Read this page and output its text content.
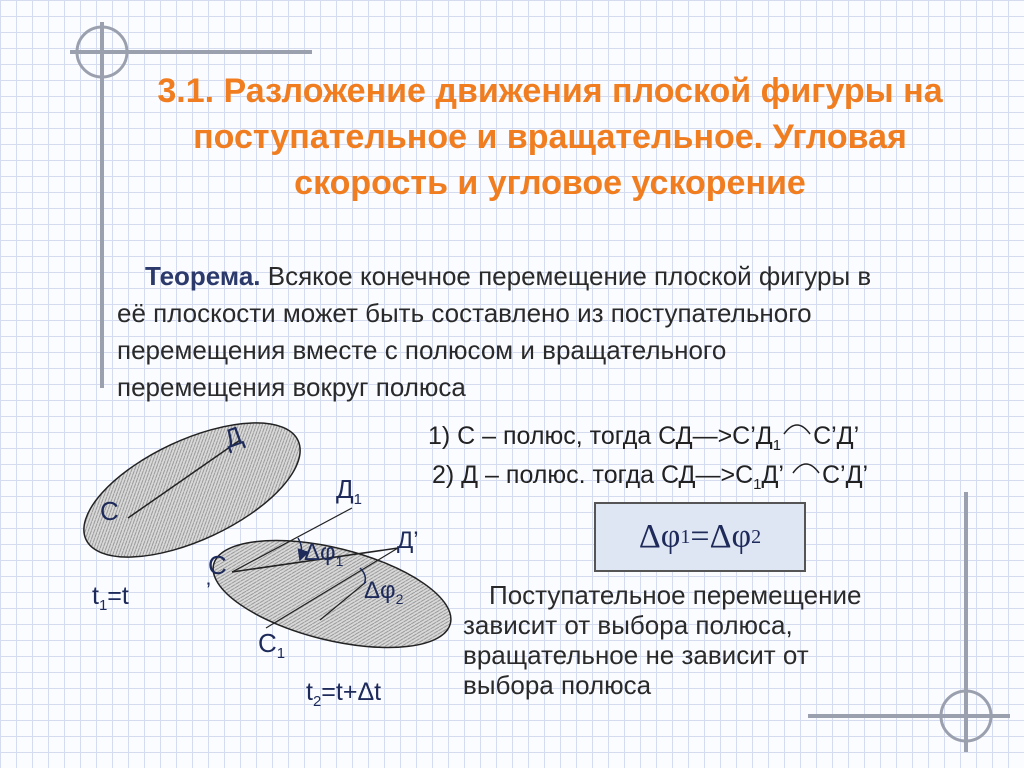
3.1. Разложение движения плоской фигуры на поступательное и вращательное. Угловая скорость и угловое ускорение
Теорема. Всякое конечное перемещение плоской фигуры в её плоскости может быть составлено из поступательного перемещения вместе с полюсом и вращательного перемещения вокруг полюса
1) С – полюс, тогда $СД—>С’Д_1$ С’Д’
2) Д – полюс. тогда $СД—>С_1Д$’ С’Д’
Δφ 1 = Δφ 2
Поступательное перемещение
зависит от выбора полюса,
вращательное не зависит от
выбора полюса
Д
С
$Д_1$
С
’
Д’
$\Delta\varphi_1$
$\Delta\varphi_2$
$С_1$
$t_1=t$
$t_2=t+\Delta t$
